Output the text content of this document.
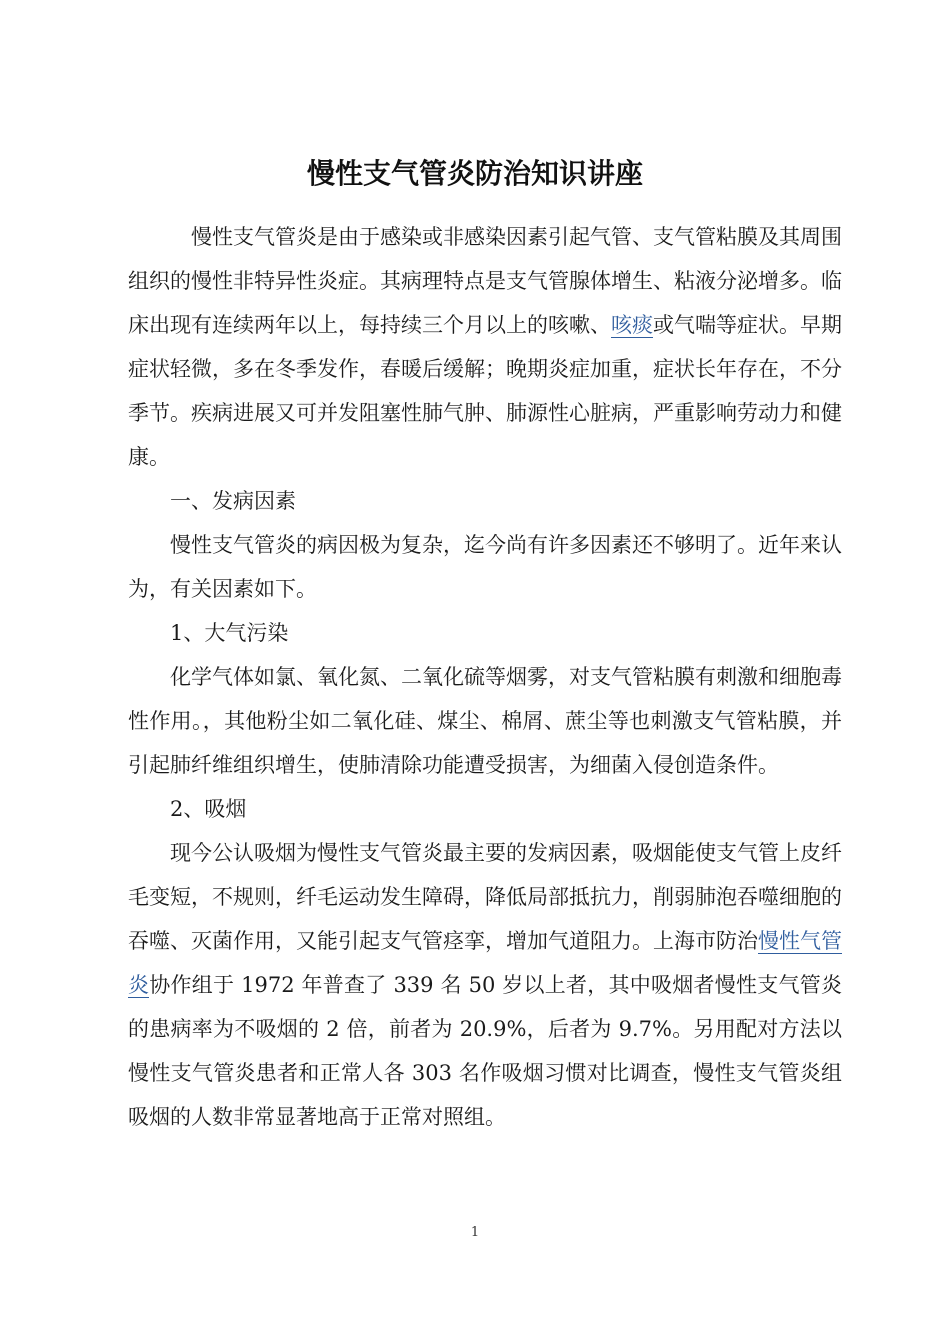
慢性支气管炎防治知识讲座

慢性支气管炎是由于感染或非感染因素引起气管、支气管粘膜及其周围组织的慢性非特异性炎症。其病理特点是支气管腺体增生、粘液分泌增多。临床出现有连续两年以上，每持续三个月以上的咳嗽、咳痰或气喘等症状。早期症状轻微，多在冬季发作，春暖后缓解；晚期炎症加重，症状长年存在，不分季节。疾病进展又可并发阻塞性肺气肿、肺源性心脏病，严重影响劳动力和健康。

一、发病因素

慢性支气管炎的病因极为复杂，迄今尚有许多因素还不够明了。近年来认为，有关因素如下。

1、大气污染

化学气体如氯、氧化氮、二氧化硫等烟雾，对支气管粘膜有刺激和细胞毒性作用。，其他粉尘如二氧化硅、煤尘、棉屑、蔗尘等也刺激支气管粘膜，并引起肺纤维组织增生，使肺清除功能遭受损害，为细菌入侵创造条件。

2、吸烟

现今公认吸烟为慢性支气管炎最主要的发病因素，吸烟能使支气管上皮纤毛变短，不规则，纤毛运动发生障碍，降低局部抵抗力，削弱肺泡吞噬细胞的吞噬、灭菌作用，又能引起支气管痉挛，增加气道阻力。上海市防治慢性气管炎协作组于 1972 年普查了 339 名 50 岁以上者，其中吸烟者慢性支气管炎的患病率为不吸烟的 2 倍，前者为 20.9%，后者为 9.7%。另用配对方法以慢性支气管炎患者和正常人各 303 名作吸烟习惯对比调查，慢性支气管炎组吸烟的人数非常显著地高于正常对照组。

1
